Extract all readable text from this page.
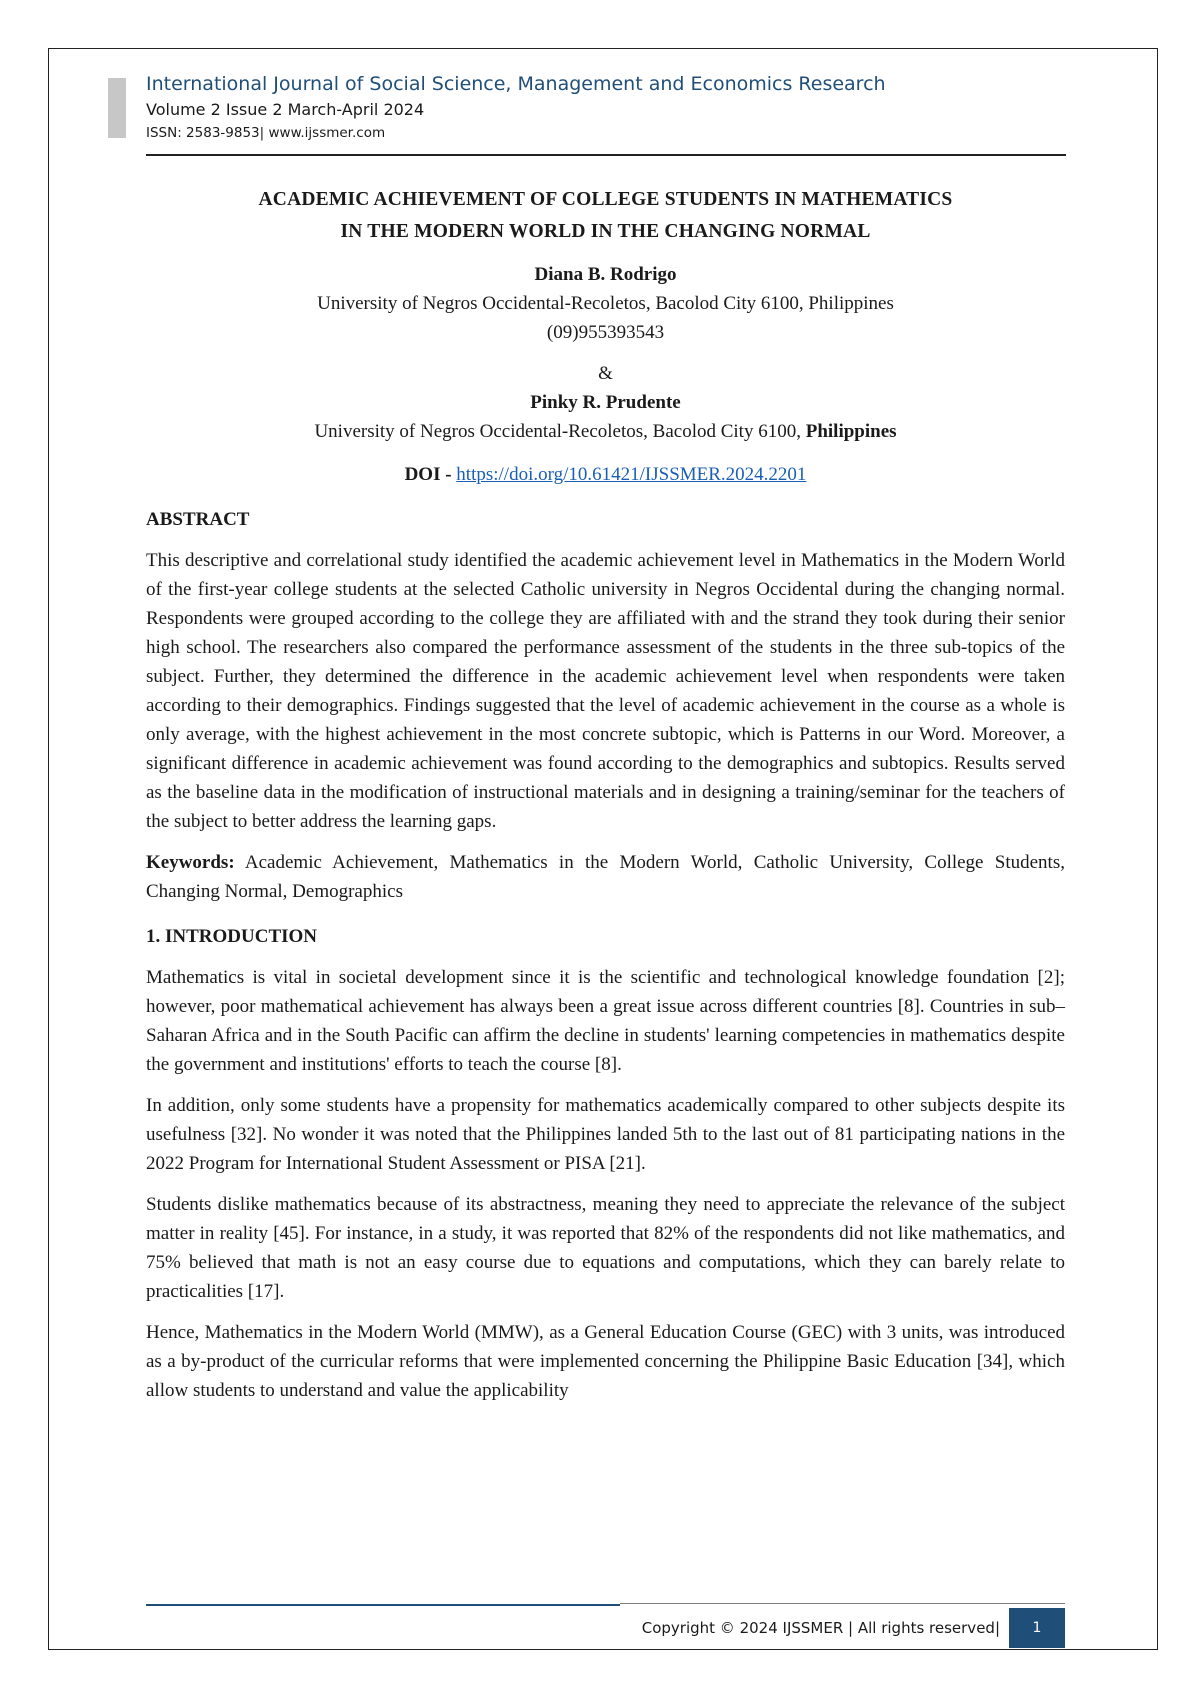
International Journal of Social Science, Management and Economics Research
Volume 2 Issue 2 March-April 2024
ISSN: 2583-9853| www.ijssmer.com
ACADEMIC ACHIEVEMENT OF COLLEGE STUDENTS IN MATHEMATICS
IN THE MODERN WORLD IN THE CHANGING NORMAL
Diana B. Rodrigo
University of Negros Occidental-Recoletos, Bacolod City 6100, Philippines
(09)955393543
&
Pinky R. Prudente
University of Negros Occidental-Recoletos, Bacolod City 6100, Philippines
DOI - https://doi.org/10.61421/IJSSMER.2024.2201
ABSTRACT

This descriptive and correlational study identified the academic achievement level in Mathematics in the Modern World of the first-year college students at the selected Catholic university in Negros Occidental during the changing normal. Respondents were grouped according to the college they are affiliated with and the strand they took during their senior high school. The researchers also compared the performance assessment of the students in the three sub-topics of the subject. Further, they determined the difference in the academic achievement level when respondents were taken according to their demographics. Findings suggested that the level of academic achievement in the course as a whole is only average, with the highest achievement in the most concrete subtopic, which is Patterns in our Word. Moreover, a significant difference in academic achievement was found according to the demographics and subtopics. Results served as the baseline data in the modification of instructional materials and in designing a training/seminar for the teachers of the subject to better address the learning gaps.

Keywords: Academic Achievement, Mathematics in the Modern World, Catholic University, College Students, Changing Normal, Demographics

1. INTRODUCTION

Mathematics is vital in societal development since it is the scientific and technological knowledge foundation [2]; however, poor mathematical achievement has always been a great issue across different countries [8]. Countries in sub–Saharan Africa and in the South Pacific can affirm the decline in students' learning competencies in mathematics despite the government and institutions' efforts to teach the course [8].

In addition, only some students have a propensity for mathematics academically compared to other subjects despite its usefulness [32]. No wonder it was noted that the Philippines landed 5th to the last out of 81 participating nations in the 2022 Program for International Student Assessment or PISA [21].

Students dislike mathematics because of its abstractness, meaning they need to appreciate the relevance of the subject matter in reality [45]. For instance, in a study, it was reported that 82% of the respondents did not like mathematics, and 75% believed that math is not an easy course due to equations and computations, which they can barely relate to practicalities [17].

Hence, Mathematics in the Modern World (MMW), as a General Education Course (GEC) with 3 units, was introduced as a by-product of the curricular reforms that were implemented concerning the Philippine Basic Education [34], which allow students to understand and value the applicability

Copyright © 2024 IJSSMER | All rights reserved| 1
